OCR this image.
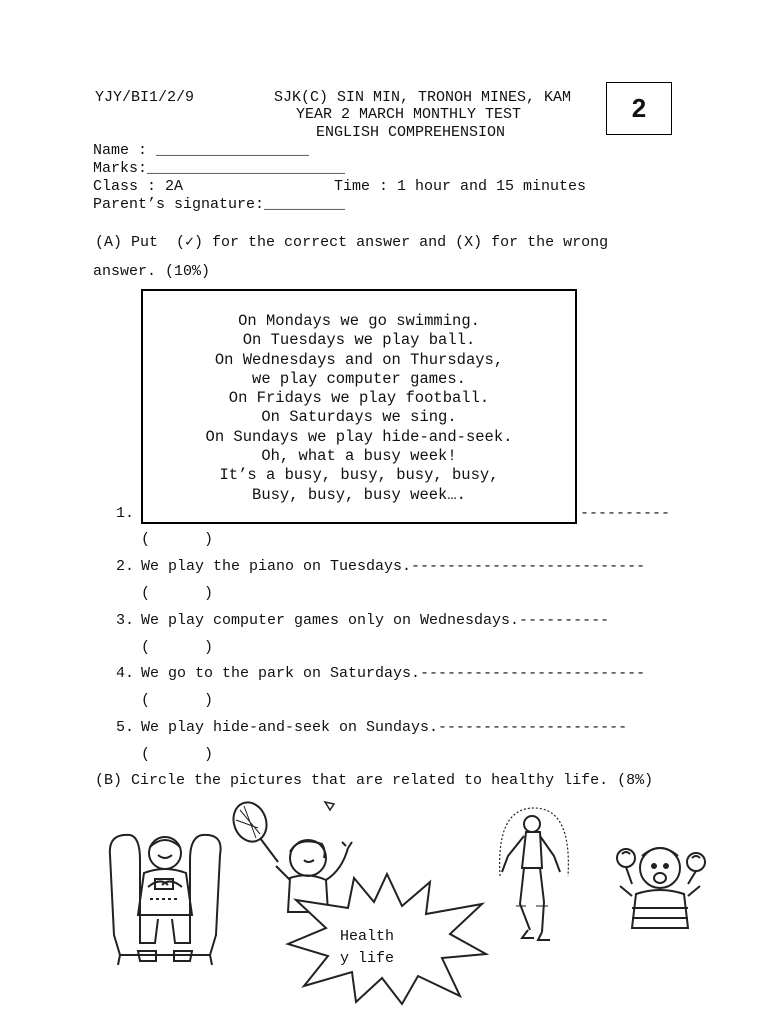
YJY/BI1/2/9	SJK(C) SIN MIN, TRONOH MINES, KAM
YEAR 2 MARCH MONTHLY TEST
ENGLISH COMPREHENSION
2
Name : _________________
Marks:______________________
Class : 2A	Time : 1 hour and 15 minutes
Parent’s signature:_________
(A) Put  (✓) for the correct answer and (X) for the wrong
answer. (10%)
1.	----------
(      )
On Mondays we go swimming.
On Tuesdays we play ball.
On Wednesdays and on Thursdays,
we play computer games.
On Fridays we play football.
On Saturdays we sing.
On Sundays we play hide-and-seek.
Oh, what a busy week!
It’s a busy, busy, busy, busy,
Busy, busy, busy week….
2. We play the piano on Tuesdays.--------------------------
(      )
3. We play computer games only on Wednesdays.----------
(      )
4. We go to the park on Saturdays.-------------------------
(      )
5. We play hide-and-seek on Sundays.---------------------
(      )
(B) Circle the pictures that are related to healthy life. (8%)
Health
y life
